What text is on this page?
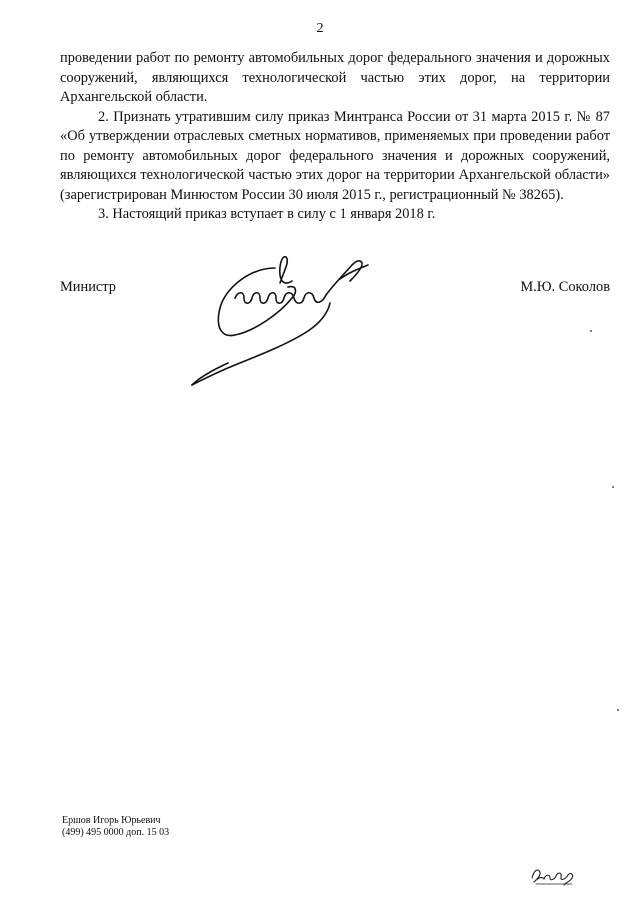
2

проведении работ по ремонту автомобильных дорог федерального значения и дорожных сооружений, являющихся технологической частью этих дорог, на территории Архангельской области.

2. Признать утратившим силу приказ Минтранса России от 31 марта 2015 г. № 87 «Об утверждении отраслевых сметных нормативов, применяемых при проведении работ по ремонту автомобильных дорог федерального значения и дорожных сооружений, являющихся технологической частью этих дорог на территории Архангельской области» (зарегистрирован Минюстом России 30 июля 2015 г., регистрационный № 38265).

3. Настоящий приказ вступает в силу с 1 января 2018 г.

Министр	М.Ю. Соколов
Ершов Игорь Юрьевич
(499) 495 0000 доп. 15 03
